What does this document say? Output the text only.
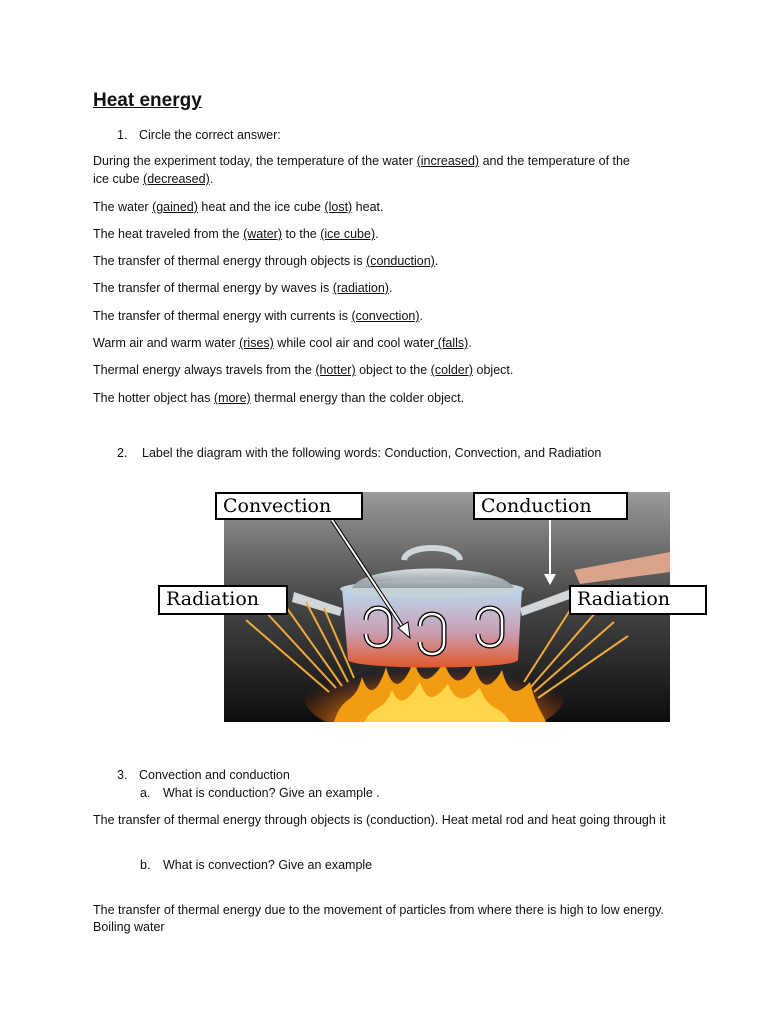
Heat energy
1. Circle the correct answer:
During the experiment today, the temperature of the water (increased) and the temperature of the
ice cube (decreased).
The water (gained) heat and the ice cube (lost) heat.
The heat traveled from the (water) to the (ice cube).
The transfer of thermal energy through objects is (conduction).
The transfer of thermal energy by waves is (radiation).
The transfer of thermal energy with currents is (convection).
Warm air and warm water (rises) while cool air and cool water (falls).
Thermal energy always travels from the (hotter) object to the (colder) object.
The hotter object has (more) thermal energy than the colder object.
2. Label the diagram with the following words: Conduction, Convection, and Radiation
Convection	Conduction
Radiation	Radiation
3. Convection and conduction
a. What is conduction? Give an example .
The transfer of thermal energy through objects is (conduction). Heat metal rod and heat going through it
b. What is convection? Give an example
The transfer of thermal energy due to the movement of particles from where there is high to low energy. Boiling water
